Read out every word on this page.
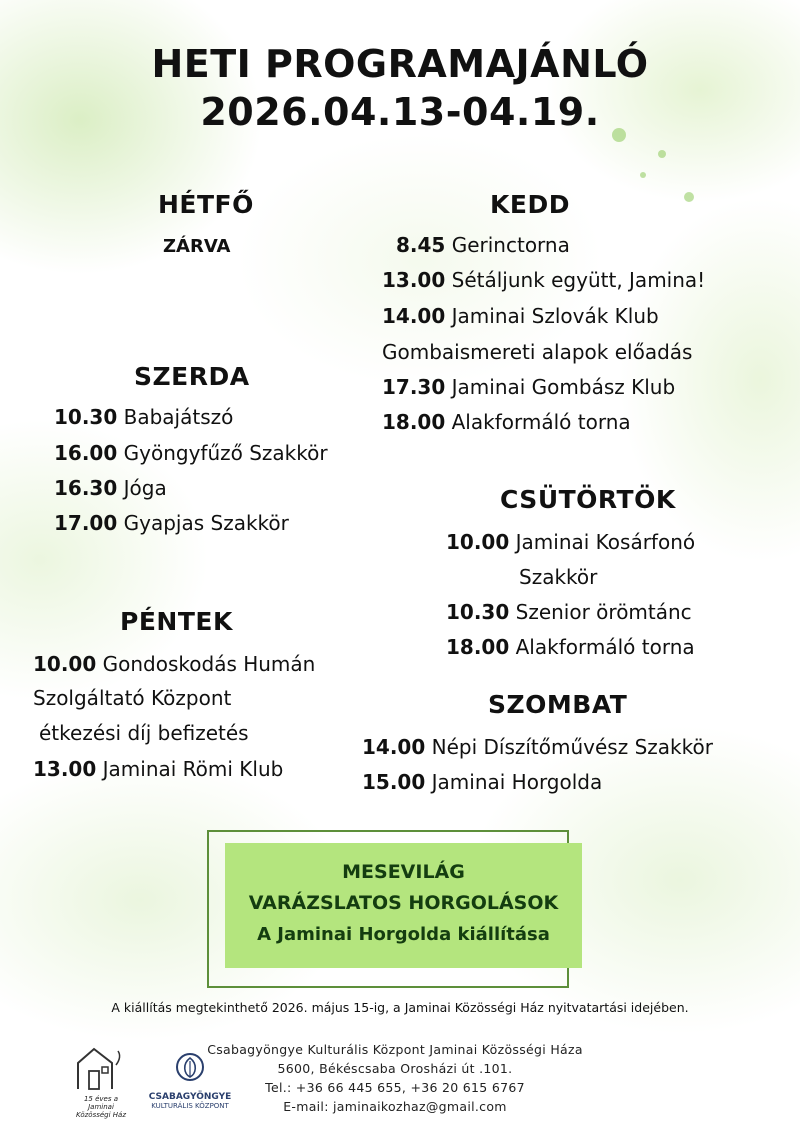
HETI PROGRAMAJÁNLÓ
2026.04.13-04.19.
HÉTFŐ
ZÁRVA
KEDD
8.45 Gerinctorna
13.00 Sétáljunk együtt, Jamina!
14.00 Jaminai Szlovák Klub
Gombaismereti alapok előadás
17.30 Jaminai Gombász Klub
18.00 Alakformáló torna
SZERDA
10.30 Babajátszó
16.00 Gyöngyfűző Szakkör
16.30 Jóga
17.00 Gyapjas Szakkör
CSÜTÖRTÖK
10.00 Jaminai Kosárfonó
Szakkör
10.30 Szenior örömtánc
18.00 Alakformáló torna
PÉNTEK
10.00 Gondoskodás Humán
Szolgáltató Központ
étkezési díj befizetés
13.00 Jaminai Römi Klub
SZOMBAT
14.00 Népi Díszítőművész Szakkör
15.00 Jaminai Horgolda
MESEVILÁG
VARÁZSLATOS HORGOLÁSOK
A Jaminai Horgolda kiállítása
A kiállítás megtekinthető 2026. május 15-ig, a Jaminai Közösségi Ház nyitvatartási idejében.
15 éves a Jaminai Közösségi Ház
CSABAGYÖNGYE
KULTURÁLIS KÖZPONT
Csabagyöngye Kulturális Központ Jaminai Közösségi Háza
5600, Békéscsaba Orosházi út .101.
Tel.: +36 66 445 655, +36 20 615 6767
E-mail: jaminaikozhaz@gmail.com
